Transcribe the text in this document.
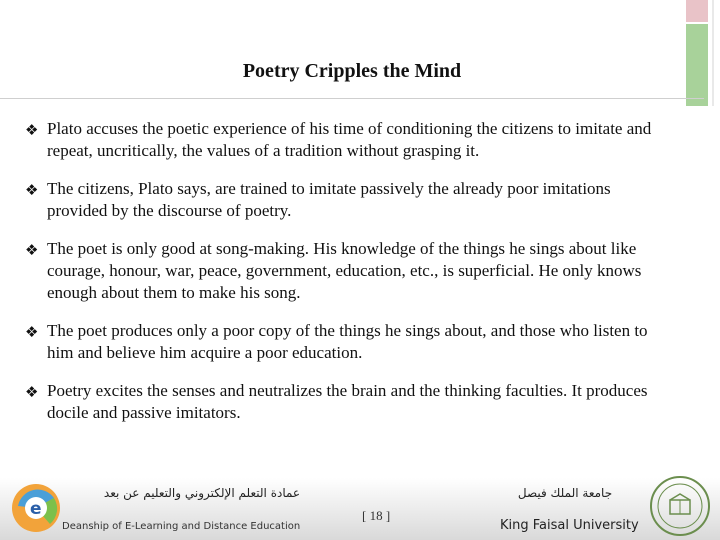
Poetry Cripples the Mind
❖ Plato accuses the poetic experience of his time of conditioning the citizens to imitate and repeat, uncritically, the values of a tradition without grasping it.
❖ The citizens, Plato says, are trained to imitate passively the already poor imitations provided by the discourse of poetry.
❖ The poet is only good at song-making. His knowledge of the things he sings about like courage, honour, war, peace, government, education, etc., is superficial. He only knows enough about them to make his song.
❖ The poet produces only a poor copy of the things he sings about, and those who listen to him and believe him acquire a poor education.
❖ Poetry excites the senses and neutralizes the brain and the thinking faculties. It produces docile and passive imitators.
e
عمادة التعلم الإلكتروني والتعليم عن بعد
Deanship of E-Learning and Distance Education
[ 18 ]
جامعة الملك فيصل
King Faisal University
